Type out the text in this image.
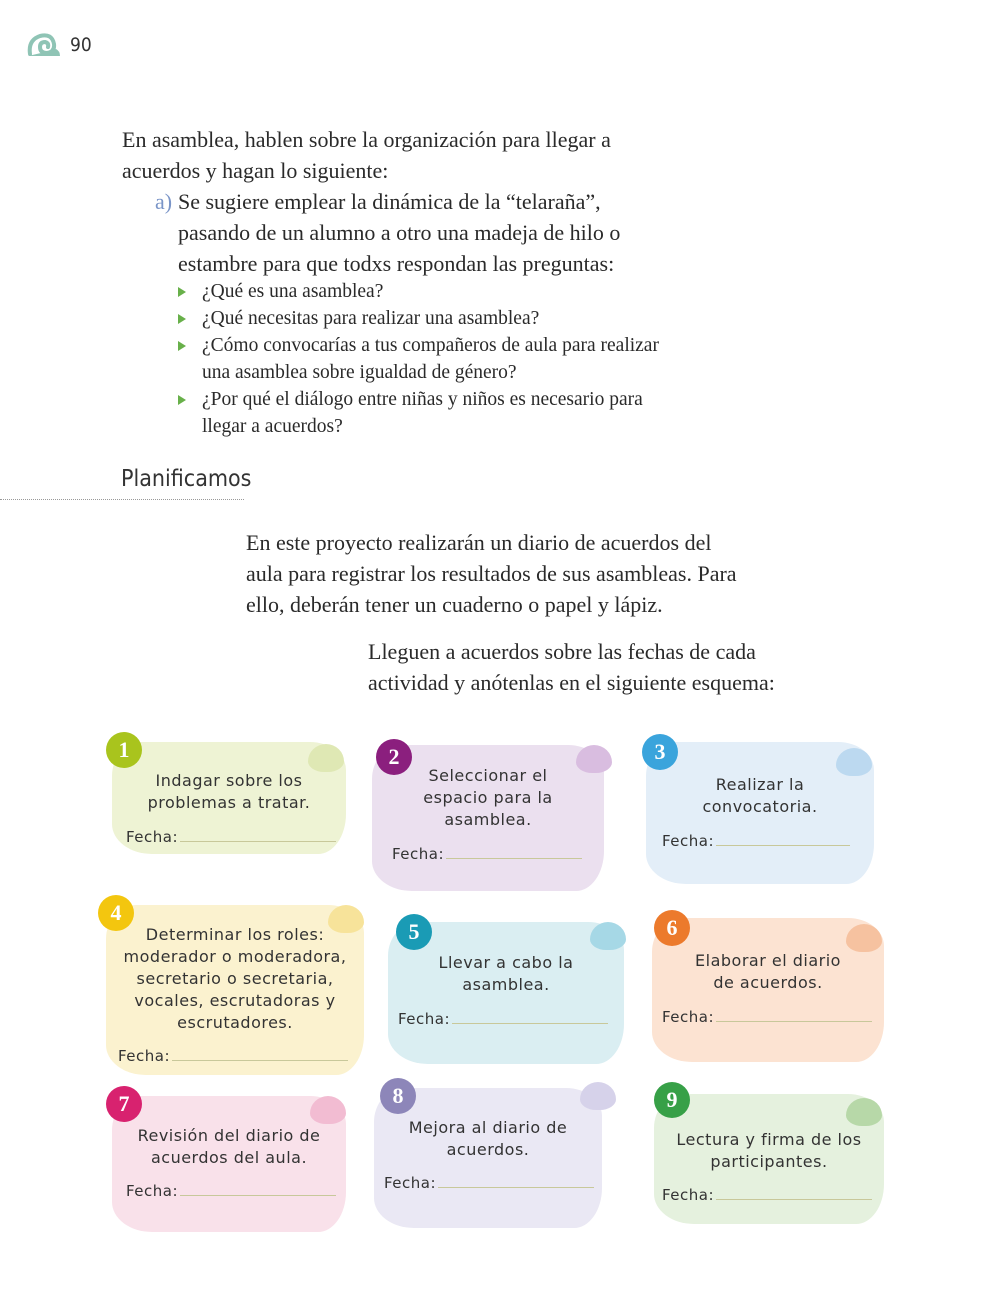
90

En asamblea, hablen sobre la organización para llegar a acuerdos y hagan lo siguiente:

a) Se sugiere emplear la dinámica de la “telaraña”, pasando de un alumno a otro una madeja de hilo o estambre para que todxs respondan las preguntas:
¿Qué es una asamblea?
¿Qué necesitas para realizar una asamblea?
¿Cómo convocarías a tus compañeros de aula para realizar una asamblea sobre igualdad de género?
¿Por qué el diálogo entre niñas y niños es necesario para llegar a acuerdos?
Planificamos

En este proyecto realizarán un diario de acuerdos del aula para registrar los resultados de sus asambleas. Para ello, deberán tener un cuaderno o papel y lápiz.

Lleguen a acuerdos sobre las fechas de cada actividad y anótenlas en el siguiente esquema:

1
Indagar sobre los problemas a tratar.
Fecha:
2
Seleccionar el espacio para la asamblea.
Fecha:
3
Realizar la convocatoria.
Fecha:
4
Determinar los roles: moderador o moderadora, secretario o secretaria, vocales, escrutadoras y escrutadores.
Fecha:
5
Llevar a cabo la asamblea.
Fecha:
6
Elaborar el diario de acuerdos.
Fecha:
7
Revisión del diario de acuerdos del aula.
Fecha:
8
Mejora al diario de acuerdos.
Fecha:
9
Lectura y firma de los participantes.
Fecha:
